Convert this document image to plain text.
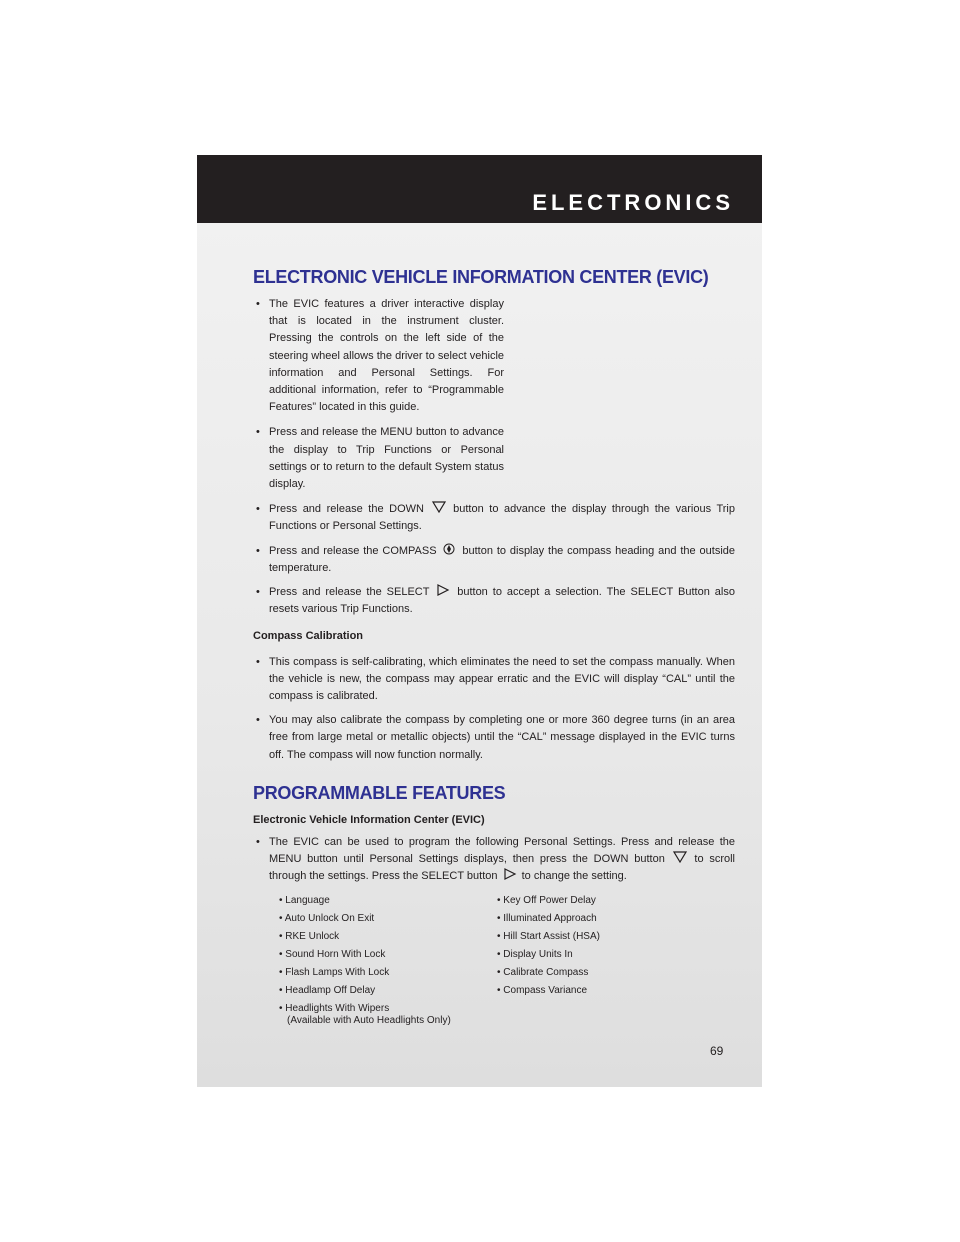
ELECTRONICS
ELECTRONIC VEHICLE INFORMATION CENTER (EVIC)

• The EVIC features a driver interactive display that is located in the instrument cluster. Pressing the controls on the left side of the steering wheel allows the driver to select vehicle information and Personal Settings. For additional information, refer to “Programmable Features” located in this guide.

• Press and release the MENU button to advance the display to Trip Functions or Personal settings or to return to the default System status display.

• Press and release the DOWN	button to advance the display through the various Trip Functions or Personal Settings.

• Press and release the COMPASS button to display the compass heading and the outside temperature.

• Press and release the SELECT	button to accept a selection. The SELECT Button also resets various Trip Functions.

Compass Calibration

• This compass is self-calibrating, which eliminates the need to set the compass manually. When the vehicle is new, the compass may appear erratic and the EVIC will display “CAL” until the compass is calibrated.

• You may also calibrate the compass by completing one or more 360 degree turns (in an area free from large metal or metallic objects) until the “CAL” message displayed in the EVIC turns off. The compass will now function normally.

PROGRAMMABLE FEATURES

Electronic Vehicle Information Center (EVIC)

• The EVIC can be used to program the following Personal Settings. Press and release the MENU button until Personal Settings displays, then press the DOWN button	to scroll through the settings. Press the SELECT button to change the setting.

• Language

• Auto Unlock On Exit

• RKE Unlock

• Sound Horn With Lock

• Flash Lamps With Lock

• Headlamp Off Delay

• Headlights With Wipers

(Available with Auto Headlights Only)

• Key Off Power Delay

• Illuminated Approach

• Hill Start Assist (HSA)

• Display Units In

• Calibrate Compass

• Compass Variance

69
